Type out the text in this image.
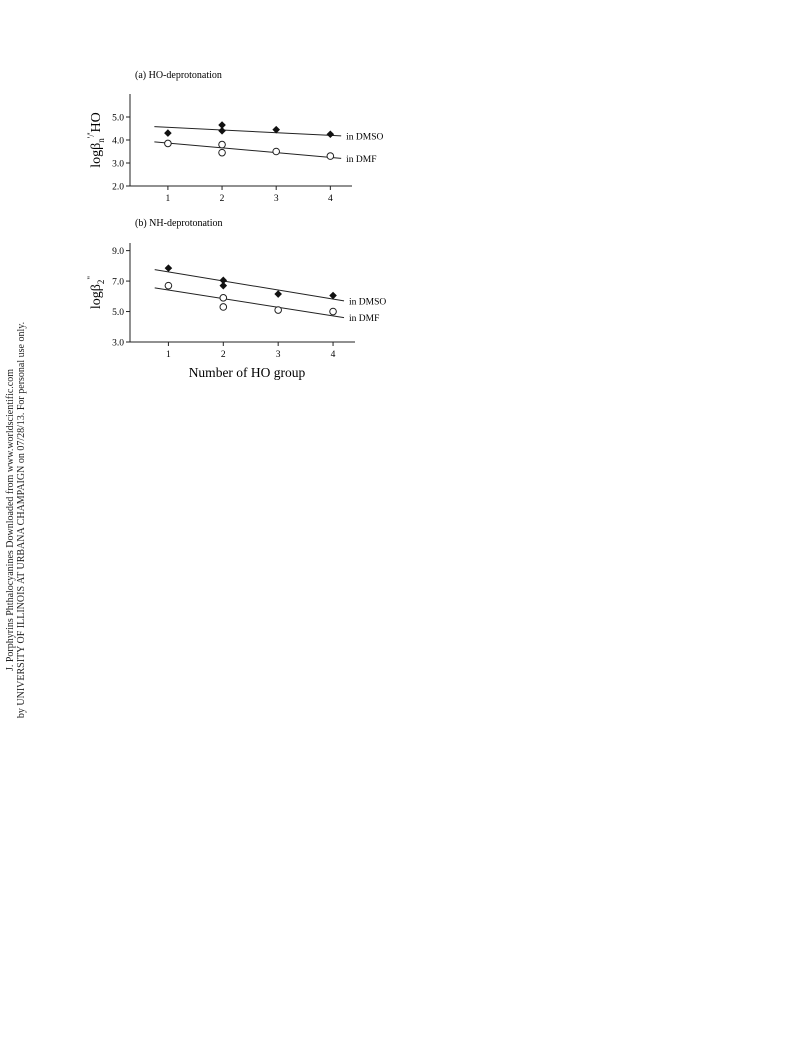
J. Porphyrins Phthalocyanines Downloaded from www.worldscientific.com by UNIVERSITY OF ILLINOIS AT URBANA CHAMPAIGN on 07/28/13. For personal use only.
(a) HO-deprotonation
2.0
3.0
4.0
5.0
1	2	3	4
logβ$_n$'/'HO
in DMSO
in DMF
(b) NH-deprotonation
3.0
5.0
7.0
9.0
1	2	3	4
logβ$_2$"
in DMSO
in DMF
Number of HO group
